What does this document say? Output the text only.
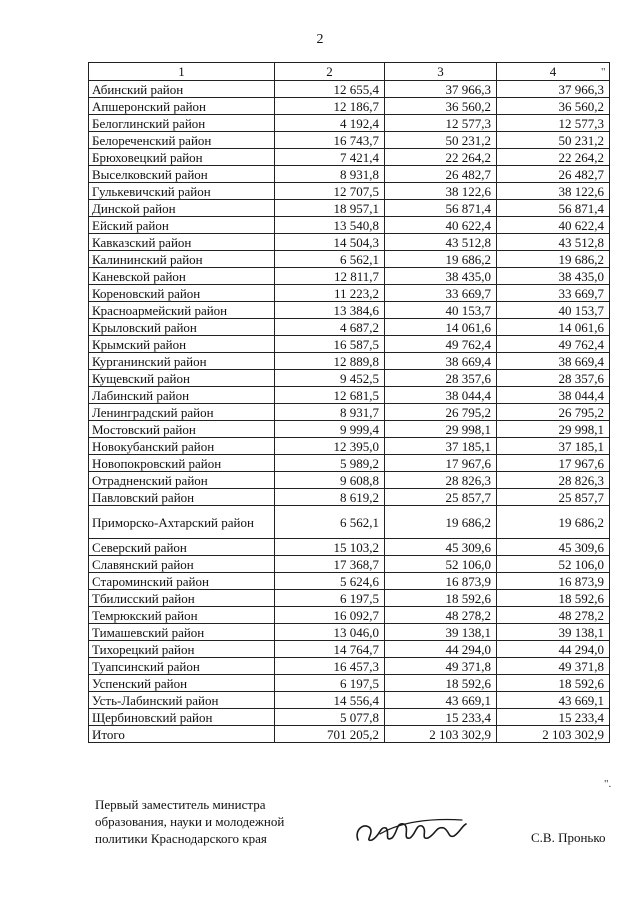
2
"
1	2	3	4
Абинский район	12 655,4	37 966,3	37 966,3
Апшеронский район	12 186,7	36 560,2	36 560,2
Белоглинский район	4 192,4	12 577,3	12 577,3
Белореченский район	16 743,7	50 231,2	50 231,2
Брюховецкий район	7 421,4	22 264,2	22 264,2
Выселковский район	8 931,8	26 482,7	26 482,7
Гулькевичский район	12 707,5	38 122,6	38 122,6
Динской район	18 957,1	56 871,4	56 871,4
Ейский район	13 540,8	40 622,4	40 622,4
Кавказский район	14 504,3	43 512,8	43 512,8
Калининский район	6 562,1	19 686,2	19 686,2
Каневской район	12 811,7	38 435,0	38 435,0
Кореновский район	11 223,2	33 669,7	33 669,7
Красноармейский район	13 384,6	40 153,7	40 153,7
Крыловский район	4 687,2	14 061,6	14 061,6
Крымский район	16 587,5	49 762,4	49 762,4
Курганинский район	12 889,8	38 669,4	38 669,4
Кущевский район	9 452,5	28 357,6	28 357,6
Лабинский район	12 681,5	38 044,4	38 044,4
Ленинградский район	8 931,7	26 795,2	26 795,2
Мостовский район	9 999,4	29 998,1	29 998,1
Новокубанский район	12 395,0	37 185,1	37 185,1
Новопокровский район	5 989,2	17 967,6	17 967,6
Отрадненский район	9 608,8	28 826,3	28 826,3
Павловский район	8 619,2	25 857,7	25 857,7
Приморско-Ахтарский район	6 562,1	19 686,2	19 686,2
Северский район	15 103,2	45 309,6	45 309,6
Славянский район	17 368,7	52 106,0	52 106,0
Староминский район	5 624,6	16 873,9	16 873,9
Тбилисский район	6 197,5	18 592,6	18 592,6
Темрюкский район	16 092,7	48 278,2	48 278,2
Тимашевский район	13 046,0	39 138,1	39 138,1
Тихорецкий район	14 764,7	44 294,0	44 294,0
Туапсинский район	16 457,3	49 371,8	49 371,8
Успенский район	6 197,5	18 592,6	18 592,6
Усть-Лабинский район	14 556,4	43 669,1	43 669,1
Щербиновский район	5 077,8	15 233,4	15 233,4
Итого	701 205,2	2 103 302,9	2 103 302,9
Первый заместитель министра
образования, науки и молодежной
политики Краснодарского края
".
С.В. Пронько
